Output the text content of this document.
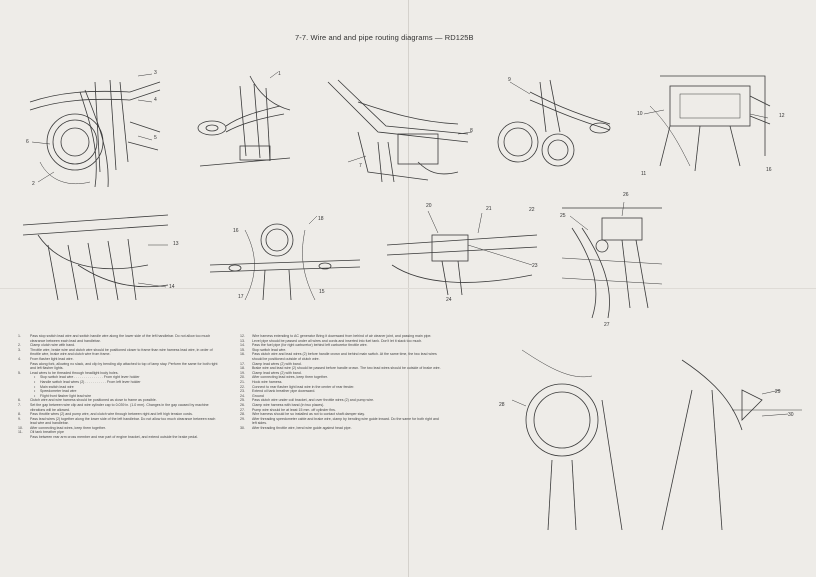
7-7. Wire and and pipe routing diagrams — RD125B
3
4
5
6
2
1
8
7
9
10	12
11
16
13
14
18
16
17
15
20	21	22
23
24
26
25
27
28
29
30
1.	Pass stop switch lead wire and switch handle wire along the lower side of the left handlebar. Do not allow too much clearance between each lead and handlebar.
2.	Clamp clutch wire with band.
3.	Throttle wire, brake wire and clutch wire should be positioned closer to frame than wire harness lead wire, in order of throttle wire, brake wire and clutch wire from frame.
4.	From flasher light lead wire.
Pass along fork, allowing no slack, and clip by bending clip attached to top of lamp stay. Perform the same for both right and left flasher lights.
5.	Lead wires to be threaded through headlight body holes.
•	Stop switch lead wire . . . . . . . . . . . . . . . From right lever holder
•	Handle switch lead wires (2) . . . . . . . . . . . From left lever holder
•	Main switch lead wire
•	Speedometer lead wire
•	Flight front flasher light lead wire
6.	Clutch wire and wire harness should be positioned as close to frame as possible.
7.	Set the gap between wire clip and wire cylinder cap to 0.039 in. (1.0 mm). Changes in the gap caused by machine vibrations will be allowed.
8.	Pass throttle wires (2) and pump wire, and clutch wire through between right and left high tension cords.
9.	Pass lead wires (2) together along the lower side of the left handlebar. Do not allow too much clearance between each lead wire and handlebar.
10.	After connecting lead wires, keep them together.
11.	Oil tank breather pipe
Pass between rear arm cross member and rear part of engine bracket, and extend outside the brake pedal.
12.	Wire harness extending to AC generator Bring it downward from behind of air cleaner joint, and passing main pipe.
13.	Level pipe should be passed under all wires and cords and inserted into fuel tank. Don't let it slack too much.
14.	Pass the fuel pipe (for right carburetor) behind left carburetor throttle wire.
15.	Stop switch lead wire.
16.	Pass clutch wire and lead wires (2) before handle crown and behind main switch. At the same time, the two lead wires should be positioned outside of clutch wire.
17.	Clamp lead wires (2) with band.
18.	Brake wire and lead wire (2) should be passed before handle crown. The two lead wires should be outside of brake wire.
19.	Clamp lead wires (2) with band.
20.	After connecting lead wires, keep them together.
21.	Hook wire harness.
22.	Connect to rear flasher light lead wire in the center of rear fender.
23.	Extend oil tank breather pipe downward.
24.	Ground
25.	Pass clutch wire under coil bracket, and over throttle wires (2) and pump wire.
26.	Clamp wire harness with band (in two places).
27.	Pump wire should be at least 15 mm. off cylinder fins.
28.	Wire harness should be so installed as not to contact shaft damper stay.
29.	After threading speedometer cable and brake wire, clamp by bending wire guide inward. Do the same for both right and left sides.
30.	After threading throttle wire, bend wire guide against head pipe.
